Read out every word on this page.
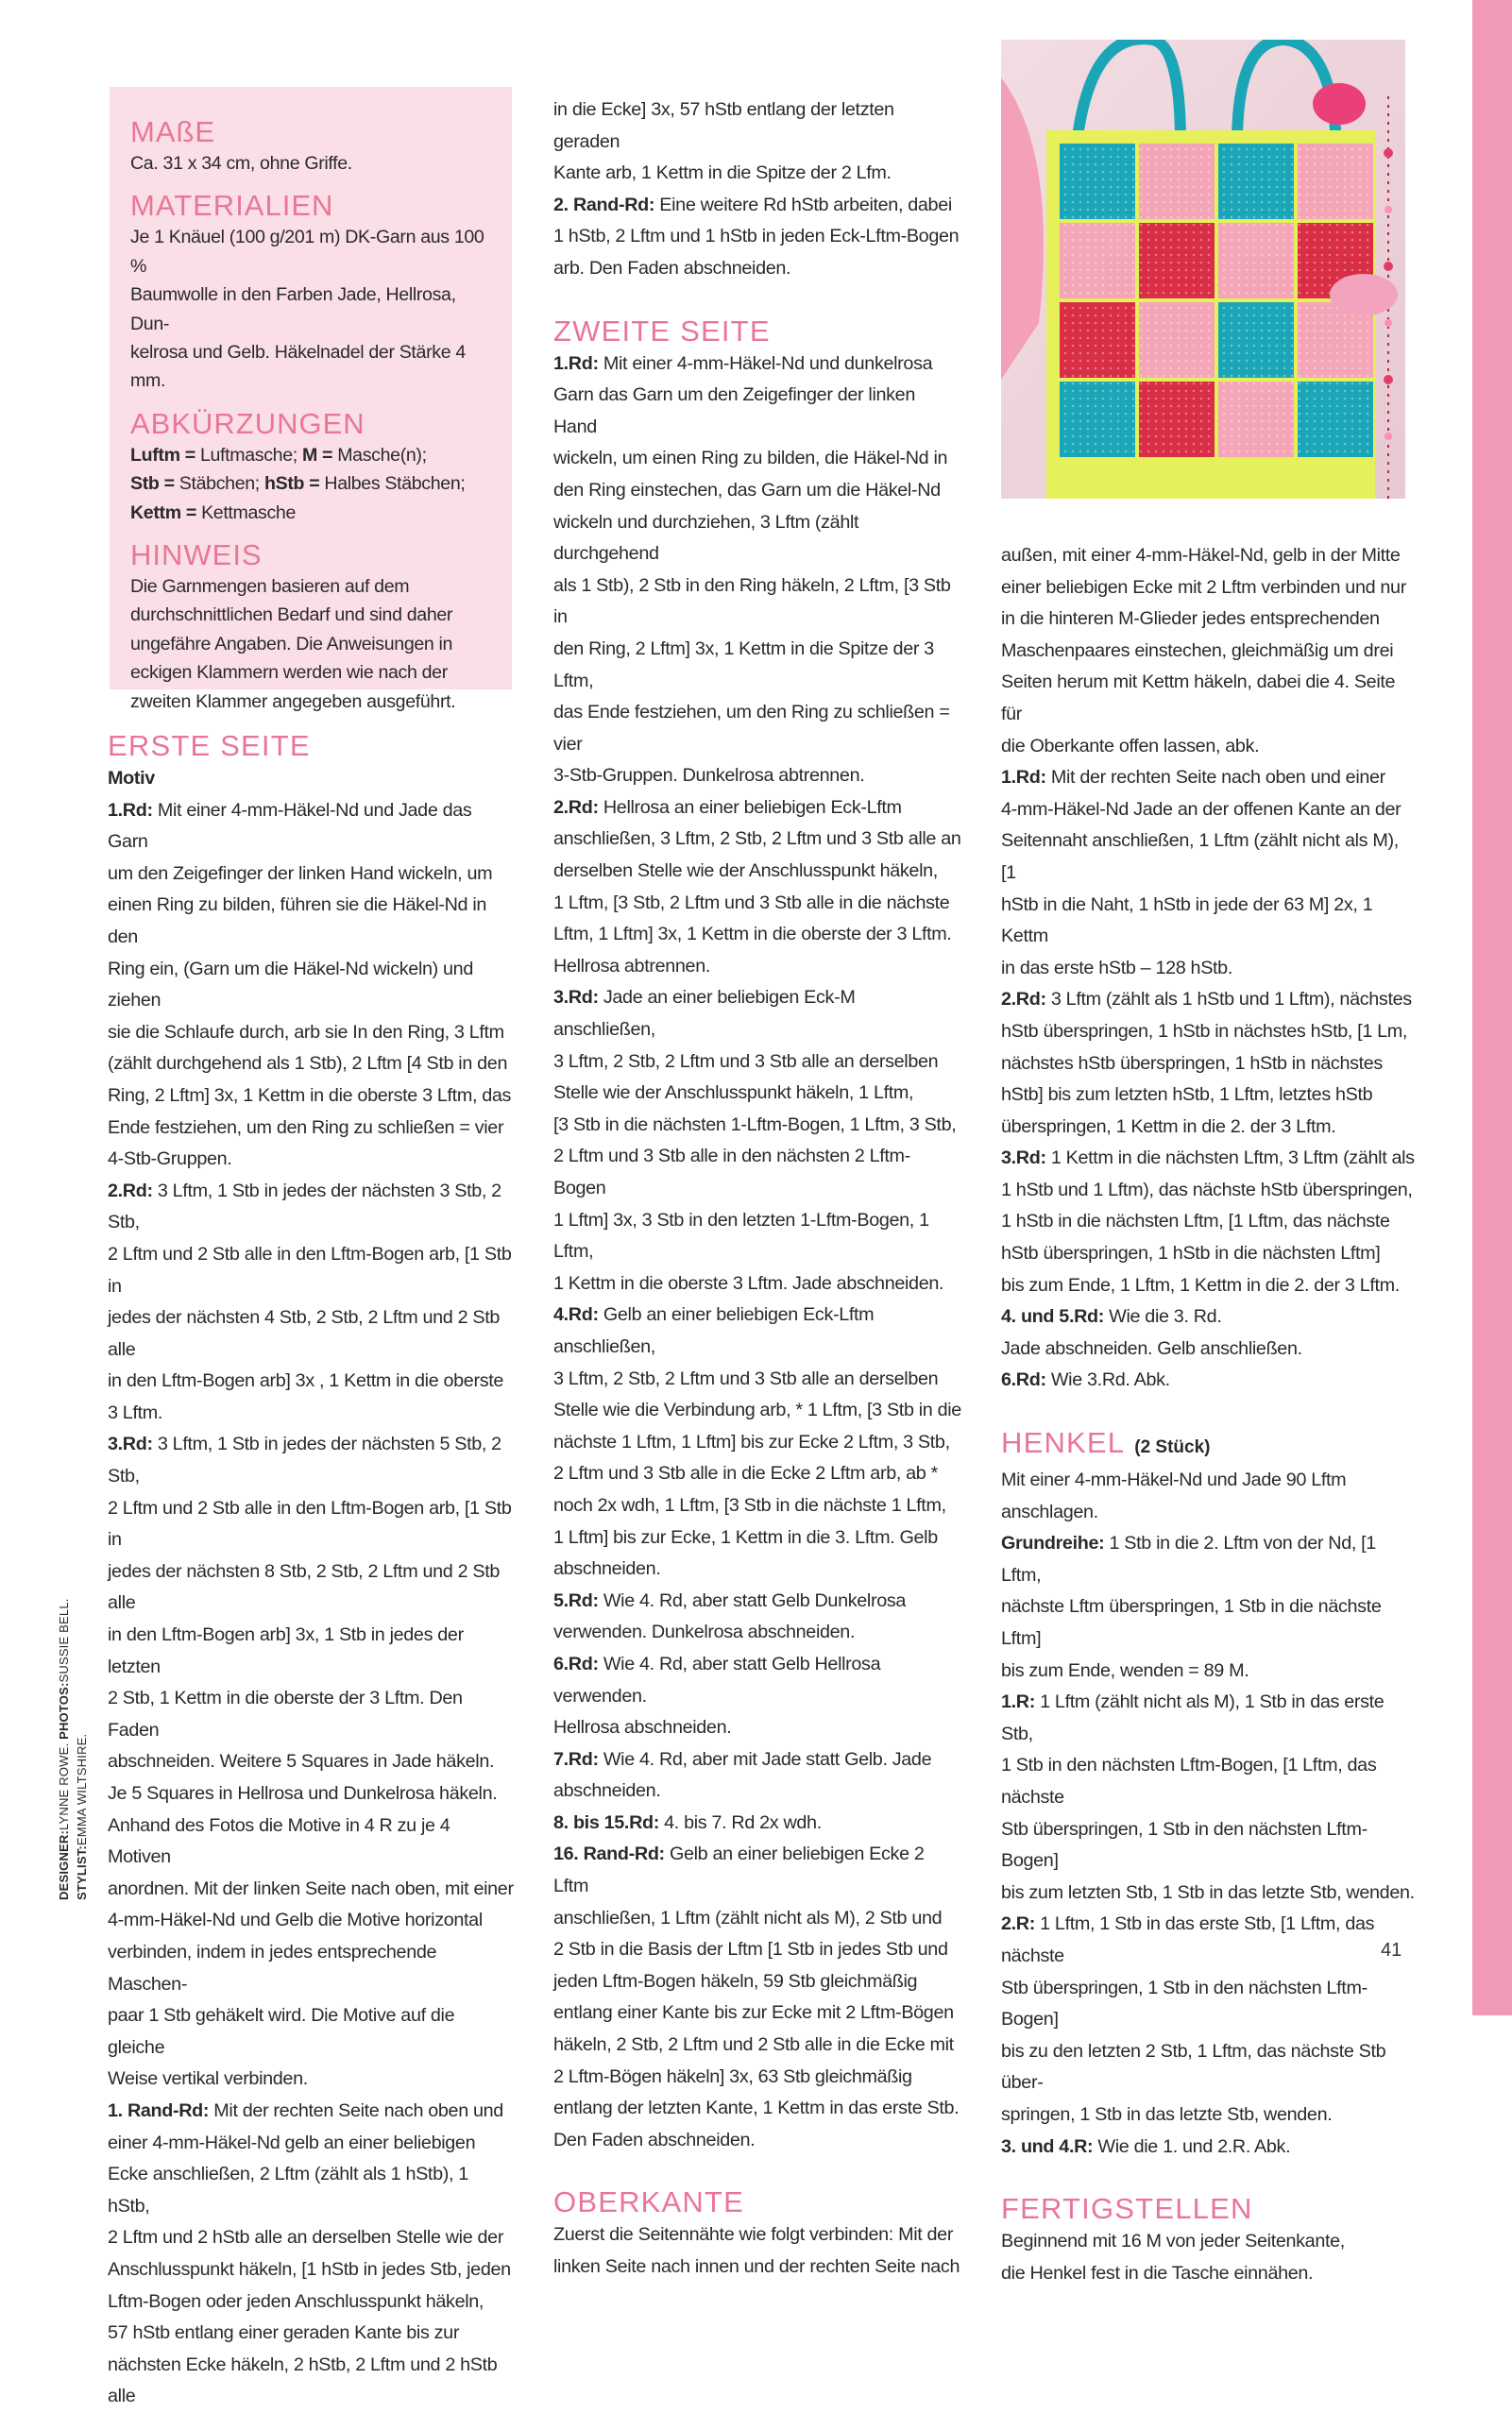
MAßE

Ca. 31 x 34 cm, ohne Griffe.

MATERIALIEN

Je 1 Knäuel (100 g/201 m) DK-Garn aus 100 %

Baumwolle in den Farben Jade, Hellrosa, Dun-

kelrosa und Gelb. Häkelnadel der Stärke 4 mm.

ABKÜRZUNGEN

Luftm = Luftmasche; M = Masche(n);

Stb = Stäbchen; hStb = Halbes Stäbchen;

Kettm = Kettmasche

HINWEIS

Die Garnmengen basieren auf dem

durchschnittlichen Bedarf und sind daher

ungefähre Angaben. Die Anweisungen in

eckigen Klammern werden wie nach der

zweiten Klammer angegeben ausgeführt.

ERSTE SEITE

Motiv

1.Rd: Mit einer 4-mm-Häkel-Nd und Jade das Garn

um den Zeigefinger der linken Hand wickeln, um

einen Ring zu bilden, führen sie die Häkel-Nd in den

Ring ein, (Garn um die Häkel-Nd wickeln) und ziehen

sie die Schlaufe durch, arb sie In den Ring, 3 Lftm

(zählt durchgehend als 1 Stb), 2 Lftm [4 Stb in den

Ring, 2 Lftm] 3x, 1 Kettm in die oberste 3 Lftm, das

Ende festziehen, um den Ring zu schließen = vier

4-Stb-Gruppen.

2.Rd: 3 Lftm, 1 Stb in jedes der nächsten 3 Stb, 2 Stb,

2 Lftm und 2 Stb alle in den Lftm-Bogen arb, [1 Stb in

jedes der nächsten 4 Stb, 2 Stb, 2 Lftm und 2 Stb alle

in den Lftm-Bogen arb] 3x , 1 Kettm in die oberste

3 Lftm.

3.Rd: 3 Lftm, 1 Stb in jedes der nächsten 5 Stb, 2 Stb,

2 Lftm und 2 Stb alle in den Lftm-Bogen arb, [1 Stb in

jedes der nächsten 8 Stb, 2 Stb, 2 Lftm und 2 Stb alle

in den Lftm-Bogen arb] 3x, 1 Stb in jedes der letzten

2 Stb, 1 Kettm in die oberste der 3 Lftm. Den Faden

abschneiden. Weitere 5 Squares in Jade häkeln.

Je 5 Squares in Hellrosa und Dunkelrosa häkeln.

Anhand des Fotos die Motive in 4 R zu je 4 Motiven

anordnen. Mit der linken Seite nach oben, mit einer

4-mm-Häkel-Nd und Gelb die Motive horizontal

verbinden, indem in jedes entsprechende Maschen-

paar 1 Stb gehäkelt wird. Die Motive auf die gleiche

Weise vertikal verbinden.

1. Rand-Rd: Mit der rechten Seite nach oben und

einer 4-mm-Häkel-Nd gelb an einer beliebigen

Ecke anschließen, 2 Lftm (zählt als 1 hStb), 1 hStb,

2 Lftm und 2 hStb alle an derselben Stelle wie der

Anschlusspunkt häkeln, [1 hStb in jedes Stb, jeden

Lftm-Bogen oder jeden Anschlusspunkt häkeln,

57 hStb entlang einer geraden Kante bis zur

nächsten Ecke häkeln, 2 hStb, 2 Lftm und 2 hStb alle

in die Ecke] 3x, 57 hStb entlang der letzten geraden

Kante arb, 1 Kettm in die Spitze der 2 Lfm.

2. Rand-Rd: Eine weitere Rd hStb arbeiten, dabei

1 hStb, 2 Lftm und 1 hStb in jeden Eck-Lftm-Bogen

arb. Den Faden abschneiden.

ZWEITE SEITE

1.Rd: Mit einer 4-mm-Häkel-Nd und dunkelrosa

Garn das Garn um den Zeigefinger der linken Hand

wickeln, um einen Ring zu bilden, die Häkel-Nd in

den Ring einstechen, das Garn um die Häkel-Nd

wickeln und durchziehen, 3 Lftm (zählt durchgehend

als 1 Stb), 2 Stb in den Ring häkeln, 2 Lftm, [3 Stb in

den Ring, 2 Lftm] 3x, 1 Kettm in die Spitze der 3 Lftm,

das Ende festziehen, um den Ring zu schließen = vier

3-Stb-Gruppen. Dunkelrosa abtrennen.

2.Rd: Hellrosa an einer beliebigen Eck-Lftm

anschließen, 3 Lftm, 2 Stb, 2 Lftm und 3 Stb alle an

derselben Stelle wie der Anschlusspunkt häkeln,

1 Lftm, [3 Stb, 2 Lftm und 3 Stb alle in die nächste

Lftm, 1 Lftm] 3x, 1 Kettm in die oberste der 3 Lftm.

Hellrosa abtrennen.

3.Rd: Jade an einer beliebigen Eck-M anschließen,

3 Lftm, 2 Stb, 2 Lftm und 3 Stb alle an derselben

Stelle wie der Anschlusspunkt häkeln, 1 Lftm,

[3 Stb in die nächsten 1-Lftm-Bogen, 1 Lftm, 3 Stb,

2 Lftm und 3 Stb alle in den nächsten 2 Lftm-Bogen

1 Lftm] 3x, 3 Stb in den letzten 1-Lftm-Bogen, 1 Lftm,

1 Kettm in die oberste 3 Lftm. Jade abschneiden.

4.Rd: Gelb an einer beliebigen Eck-Lftm anschließen,

3 Lftm, 2 Stb, 2 Lftm und 3 Stb alle an derselben

Stelle wie die Verbindung arb, * 1 Lftm, [3 Stb in die

nächste 1 Lftm, 1 Lftm] bis zur Ecke 2 Lftm, 3 Stb,

2 Lftm und 3 Stb alle in die Ecke 2 Lftm arb, ab *

noch 2x wdh, 1 Lftm, [3 Stb in die nächste 1 Lftm,

1 Lftm] bis zur Ecke, 1 Kettm in die 3. Lftm. Gelb

abschneiden.

5.Rd: Wie 4. Rd, aber statt Gelb Dunkelrosa

verwenden. Dunkelrosa abschneiden.

6.Rd: Wie 4. Rd, aber statt Gelb Hellrosa verwenden.

Hellrosa abschneiden.

7.Rd: Wie 4. Rd, aber mit Jade statt Gelb. Jade

abschneiden.

8. bis 15.Rd: 4. bis 7. Rd 2x wdh.

16. Rand-Rd: Gelb an einer beliebigen Ecke 2 Lftm

anschließen, 1 Lftm (zählt nicht als M), 2 Stb und

2 Stb in die Basis der Lftm [1 Stb in jedes Stb und

jeden Lftm-Bogen häkeln, 59 Stb gleichmäßig

entlang einer Kante bis zur Ecke mit 2 Lftm-Bögen

häkeln, 2 Stb, 2 Lftm und 2 Stb alle in die Ecke mit

2 Lftm-Bögen häkeln] 3x, 63 Stb gleichmäßig

entlang der letzten Kante, 1 Kettm in das erste Stb.

Den Faden abschneiden.

OBERKANTE

Zuerst die Seitennähte wie folgt verbinden: Mit der

linken Seite nach innen und der rechten Seite nach

außen, mit einer 4-mm-Häkel-Nd, gelb in der Mitte

einer beliebigen Ecke mit 2 Lftm verbinden und nur

in die hinteren M-Glieder jedes entsprechenden

Maschenpaares einstechen, gleichmäßig um drei

Seiten herum mit Kettm häkeln, dabei die 4. Seite für

die Oberkante offen lassen, abk.

1.Rd: Mit der rechten Seite nach oben und einer

4-mm-Häkel-Nd Jade an der offenen Kante an der

Seitennaht anschließen, 1 Lftm (zählt nicht als M), [1

hStb in die Naht, 1 hStb in jede der 63 M] 2x, 1 Kettm

in das erste hStb – 128 hStb.

2.Rd: 3 Lftm (zählt als 1 hStb und 1 Lftm), nächstes

hStb überspringen, 1 hStb in nächstes hStb, [1 Lm,

nächstes hStb überspringen, 1 hStb in nächstes

hStb] bis zum letzten hStb, 1 Lftm, letztes hStb

überspringen, 1 Kettm in die 2. der 3 Lftm.

3.Rd: 1 Kettm in die nächsten Lftm, 3 Lftm (zählt als

1 hStb und 1 Lftm), das nächste hStb überspringen,

1 hStb in die nächsten Lftm, [1 Lftm, das nächste

hStb überspringen, 1 hStb in die nächsten Lftm]

bis zum Ende, 1 Lftm, 1 Kettm in die 2. der 3 Lftm.

4. und 5.Rd: Wie die 3. Rd.

Jade abschneiden. Gelb anschließen.

6.Rd: Wie 3.Rd. Abk.

HENKEL (2 Stück)

Mit einer 4-mm-Häkel-Nd und Jade 90 Lftm anschlagen.

Grundreihe: 1 Stb in die 2. Lftm von der Nd, [1 Lftm,

nächste Lftm überspringen, 1 Stb in die nächste Lftm]

bis zum Ende, wenden = 89 M.

1.R: 1 Lftm (zählt nicht als M), 1 Stb in das erste Stb,

1 Stb in den nächsten Lftm-Bogen, [1 Lftm, das nächste

Stb überspringen, 1 Stb in den nächsten Lftm-Bogen]

bis zum letzten Stb, 1 Stb in das letzte Stb, wenden.

2.R: 1 Lftm, 1 Stb in das erste Stb, [1 Lftm, das nächste

Stb überspringen, 1 Stb in den nächsten Lftm-Bogen]

bis zu den letzten 2 Stb, 1 Lftm, das nächste Stb über-

springen, 1 Stb in das letzte Stb, wenden.

3. und 4.R: Wie die 1. und 2.R. Abk.

FERTIGSTELLEN

Beginnend mit 16 M von jeder Seitenkante,

die Henkel fest in die Tasche einnähen.

DESIGNER:LYNNE ROWE. PHOTOS:SUSSIE BELL.
STYLIST:EMMA WILTSHIRE.
41
